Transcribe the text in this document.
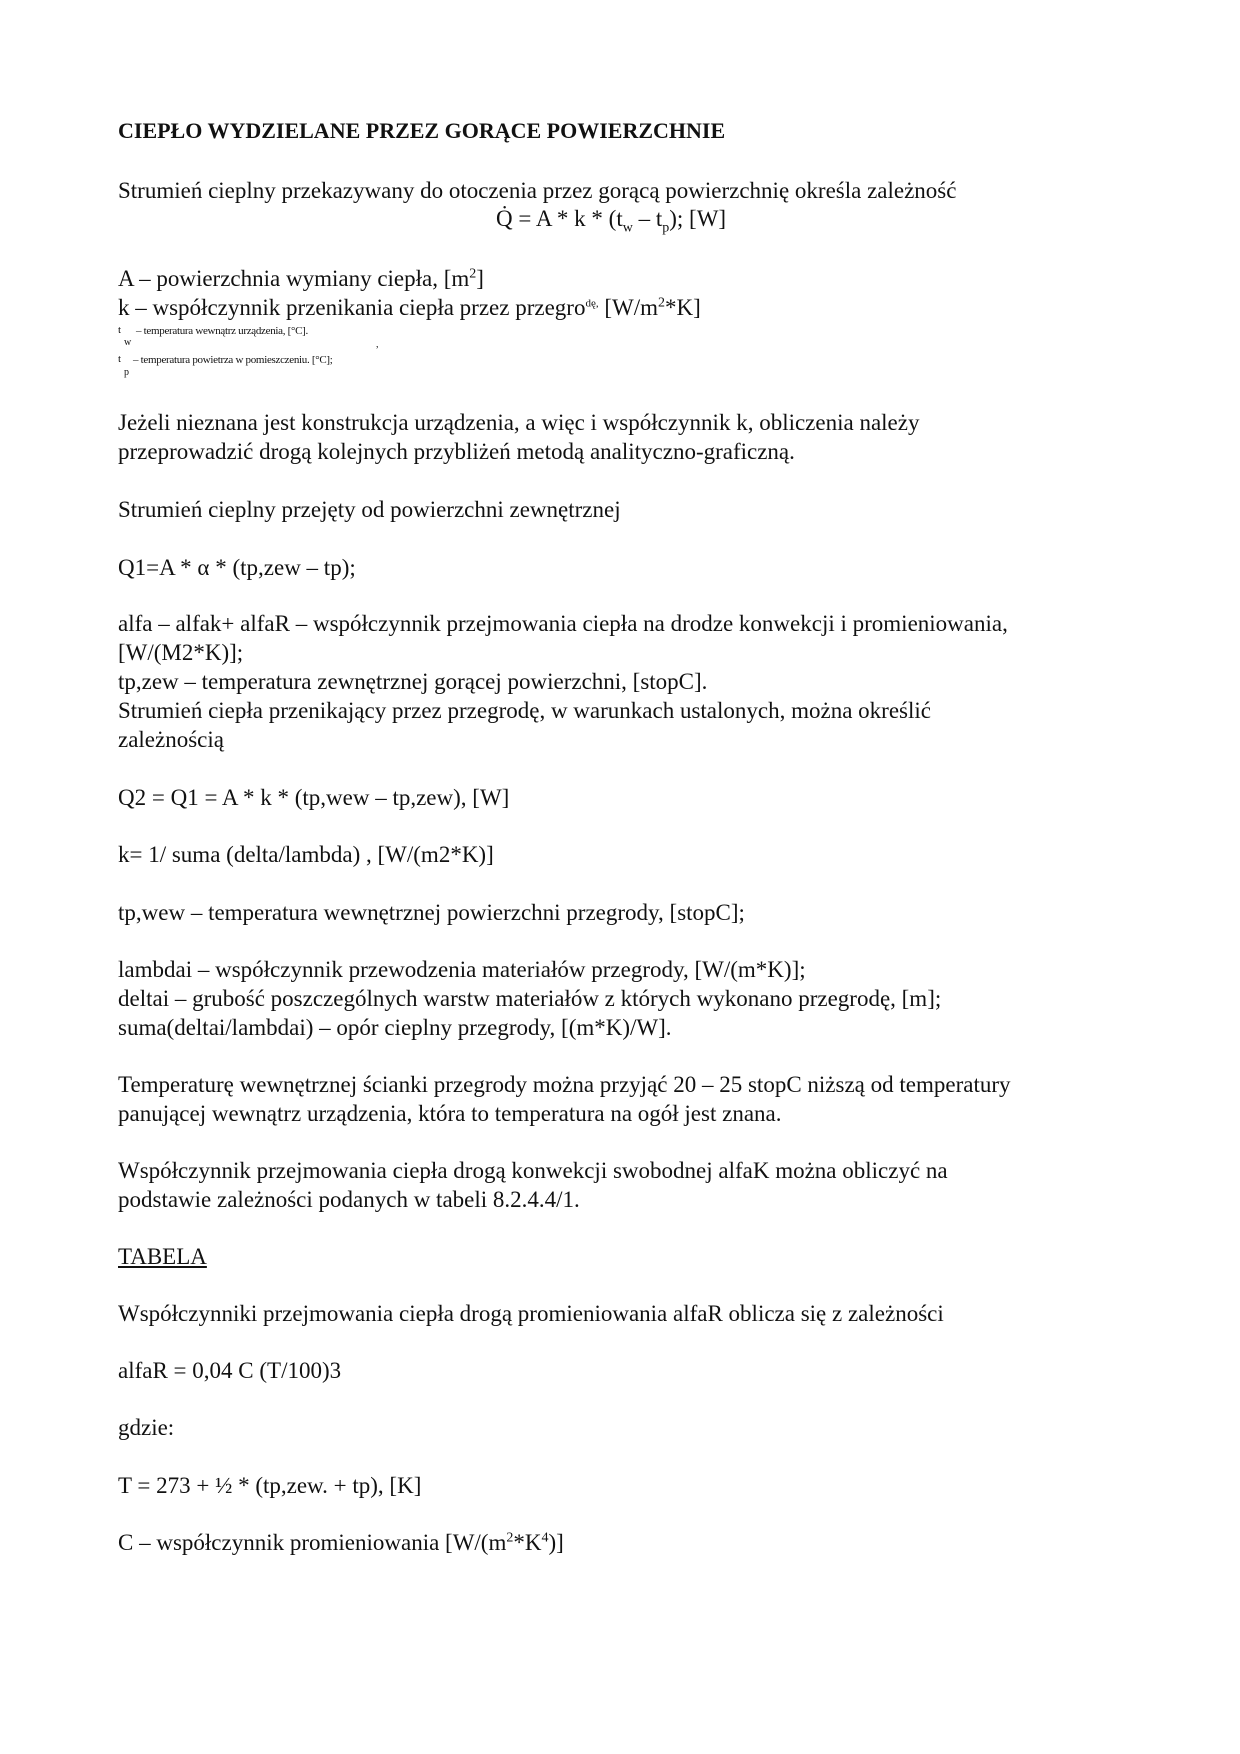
CIEPŁO WYDZIELANE PRZEZ GORĄCE POWIERZCHNIE
Strumień cieplny przekazywany do otoczenia przez gorącą powierzchnię określa zależność
Q̇ = A * k * $(t_w - t_p)$; [W]
A – powierzchnia wymiany ciepła, $[m^2]$
k – współczynnik przenikania ciepła przez przegro$^{dę,}$ $[W/m^2*K]$
t – temperatura wewnątrz urządzenia, [°C].
w	,
t – temperatura powietrza w pomieszczeniu. [°C];
p
Jeżeli nieznana jest konstrukcja urządzenia, a więc i współczynnik k, obliczenia należy
przeprowadzić drogą kolejnych przybliżeń metodą analityczno-graficzną.
Strumień cieplny przejęty od powierzchni zewnętrznej
Q1=A * α * (tp,zew – tp);
alfa – alfak+ alfaR – współczynnik przejmowania ciepła na drodze konwekcji i promieniowania,
[W/(M2*K)];
tp,zew – temperatura zewnętrznej gorącej powierzchni, [stopC].
Strumień ciepła przenikający przez przegrodę, w warunkach ustalonych, można określić
zależnością
Q2 = Q1 = A * k * (tp,wew – tp,zew), [W]
k= 1/ suma (delta/lambda) , [W/(m2*K)]
tp,wew – temperatura wewnętrznej powierzchni przegrody, [stopC];
lambdai – współczynnik przewodzenia materiałów przegrody, [W/(m*K)];
deltai – grubość poszczególnych warstw materiałów z których wykonano przegrodę, [m];
suma(deltai/lambdai) – opór cieplny przegrody, [(m*K)/W].
Temperaturę wewnętrznej ścianki przegrody można przyjąć 20 – 25 stopC niższą od temperatury
panującej wewnątrz urządzenia, która to temperatura na ogół jest znana.
Współczynnik przejmowania ciepła drogą konwekcji swobodnej alfaK można obliczyć na
podstawie zależności podanych w tabeli 8.2.4.4/1.
TABELA
Współczynniki przejmowania ciepła drogą promieniowania alfaR oblicza się z zależności
alfaR = 0,04 C (T/100)3
gdzie:
T = 273 + ½ * (tp,zew. + tp), [K]
C – współczynnik promieniowania $[W/(m^2*K^4)]$
